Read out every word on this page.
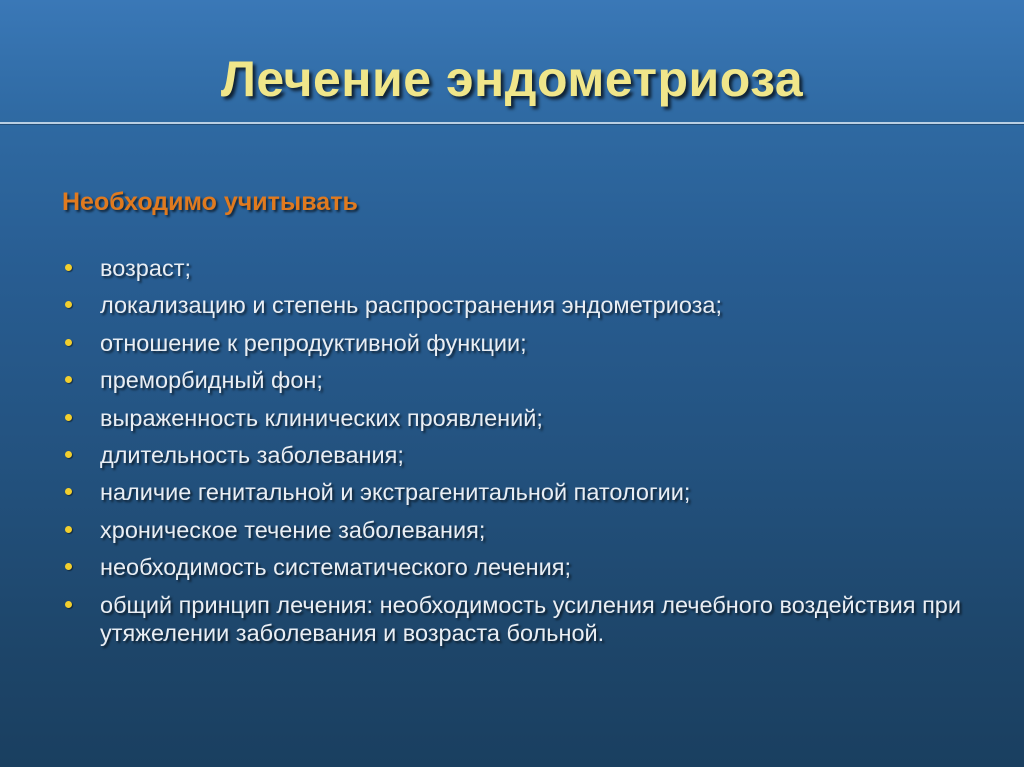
Лечение эндометриоза
Необходимо учитывать
возраст;
локализацию и степень распространения эндометриоза;
отношение к репродуктивной функции;
преморбидный фон;
выраженность клинических проявлений;
длительность заболевания;
наличие генитальной и экстрагенитальной патологии;
хроническое течение заболевания;
необходимость систематического лечения;
общий принцип лечения: необходимость усиления лечебного воздействия при утяжелении заболевания и возраста больной.
